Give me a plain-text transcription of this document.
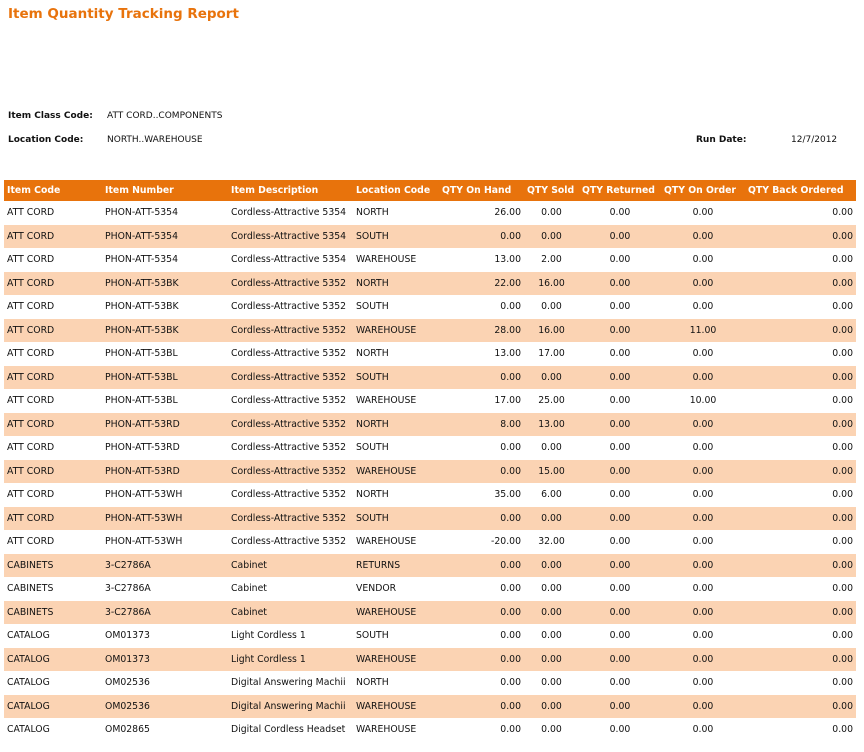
Item Quantity Tracking Report
Item Class Code: ATT CORD..COMPONENTS
Location Code:	NORTH..WAREHOUSE	Run Date:	12/7/2012
Item Code	Item Number	Item Description	Location Code	QTY On Hand	QTY Sold	QTY Returned	QTY On Order	QTY Back Ordered
ATT CORD	PHON-ATT-5354	Cordless-Attractive 5354	NORTH	26.00	0.00	0.00	0.00	0.00
ATT CORD	PHON-ATT-5354	Cordless-Attractive 5354	SOUTH	0.00	0.00	0.00	0.00	0.00
ATT CORD	PHON-ATT-5354	Cordless-Attractive 5354	WAREHOUSE	13.00	2.00	0.00	0.00	0.00
ATT CORD	PHON-ATT-53BK	Cordless-Attractive 5352	NORTH	22.00	16.00	0.00	0.00	0.00
ATT CORD	PHON-ATT-53BK	Cordless-Attractive 5352	SOUTH	0.00	0.00	0.00	0.00	0.00
ATT CORD	PHON-ATT-53BK	Cordless-Attractive 5352	WAREHOUSE	28.00	16.00	0.00	11.00	0.00
ATT CORD	PHON-ATT-53BL	Cordless-Attractive 5352	NORTH	13.00	17.00	0.00	0.00	0.00
ATT CORD	PHON-ATT-53BL	Cordless-Attractive 5352	SOUTH	0.00	0.00	0.00	0.00	0.00
ATT CORD	PHON-ATT-53BL	Cordless-Attractive 5352	WAREHOUSE	17.00	25.00	0.00	10.00	0.00
ATT CORD	PHON-ATT-53RD	Cordless-Attractive 5352	NORTH	8.00	13.00	0.00	0.00	0.00
ATT CORD	PHON-ATT-53RD	Cordless-Attractive 5352	SOUTH	0.00	0.00	0.00	0.00	0.00
ATT CORD	PHON-ATT-53RD	Cordless-Attractive 5352	WAREHOUSE	0.00	15.00	0.00	0.00	0.00
ATT CORD	PHON-ATT-53WH	Cordless-Attractive 5352	NORTH	35.00	6.00	0.00	0.00	0.00
ATT CORD	PHON-ATT-53WH	Cordless-Attractive 5352	SOUTH	0.00	0.00	0.00	0.00	0.00
ATT CORD	PHON-ATT-53WH	Cordless-Attractive 5352	WAREHOUSE	-20.00	32.00	0.00	0.00	0.00
CABINETS	3-C2786A	Cabinet	RETURNS	0.00	0.00	0.00	0.00	0.00
CABINETS	3-C2786A	Cabinet	VENDOR	0.00	0.00	0.00	0.00	0.00
CABINETS	3-C2786A	Cabinet	WAREHOUSE	0.00	0.00	0.00	0.00	0.00
CATALOG	OM01373	Light Cordless 1	SOUTH	0.00	0.00	0.00	0.00	0.00
CATALOG	OM01373	Light Cordless 1	WAREHOUSE	0.00	0.00	0.00	0.00	0.00
CATALOG	OM02536	Digital Answering Machii	NORTH	0.00	0.00	0.00	0.00	0.00
CATALOG	OM02536	Digital Answering Machii	WAREHOUSE	0.00	0.00	0.00	0.00	0.00
CATALOG	OM02865	Digital Cordless Headset	WAREHOUSE	0.00	0.00	0.00	0.00	0.00
